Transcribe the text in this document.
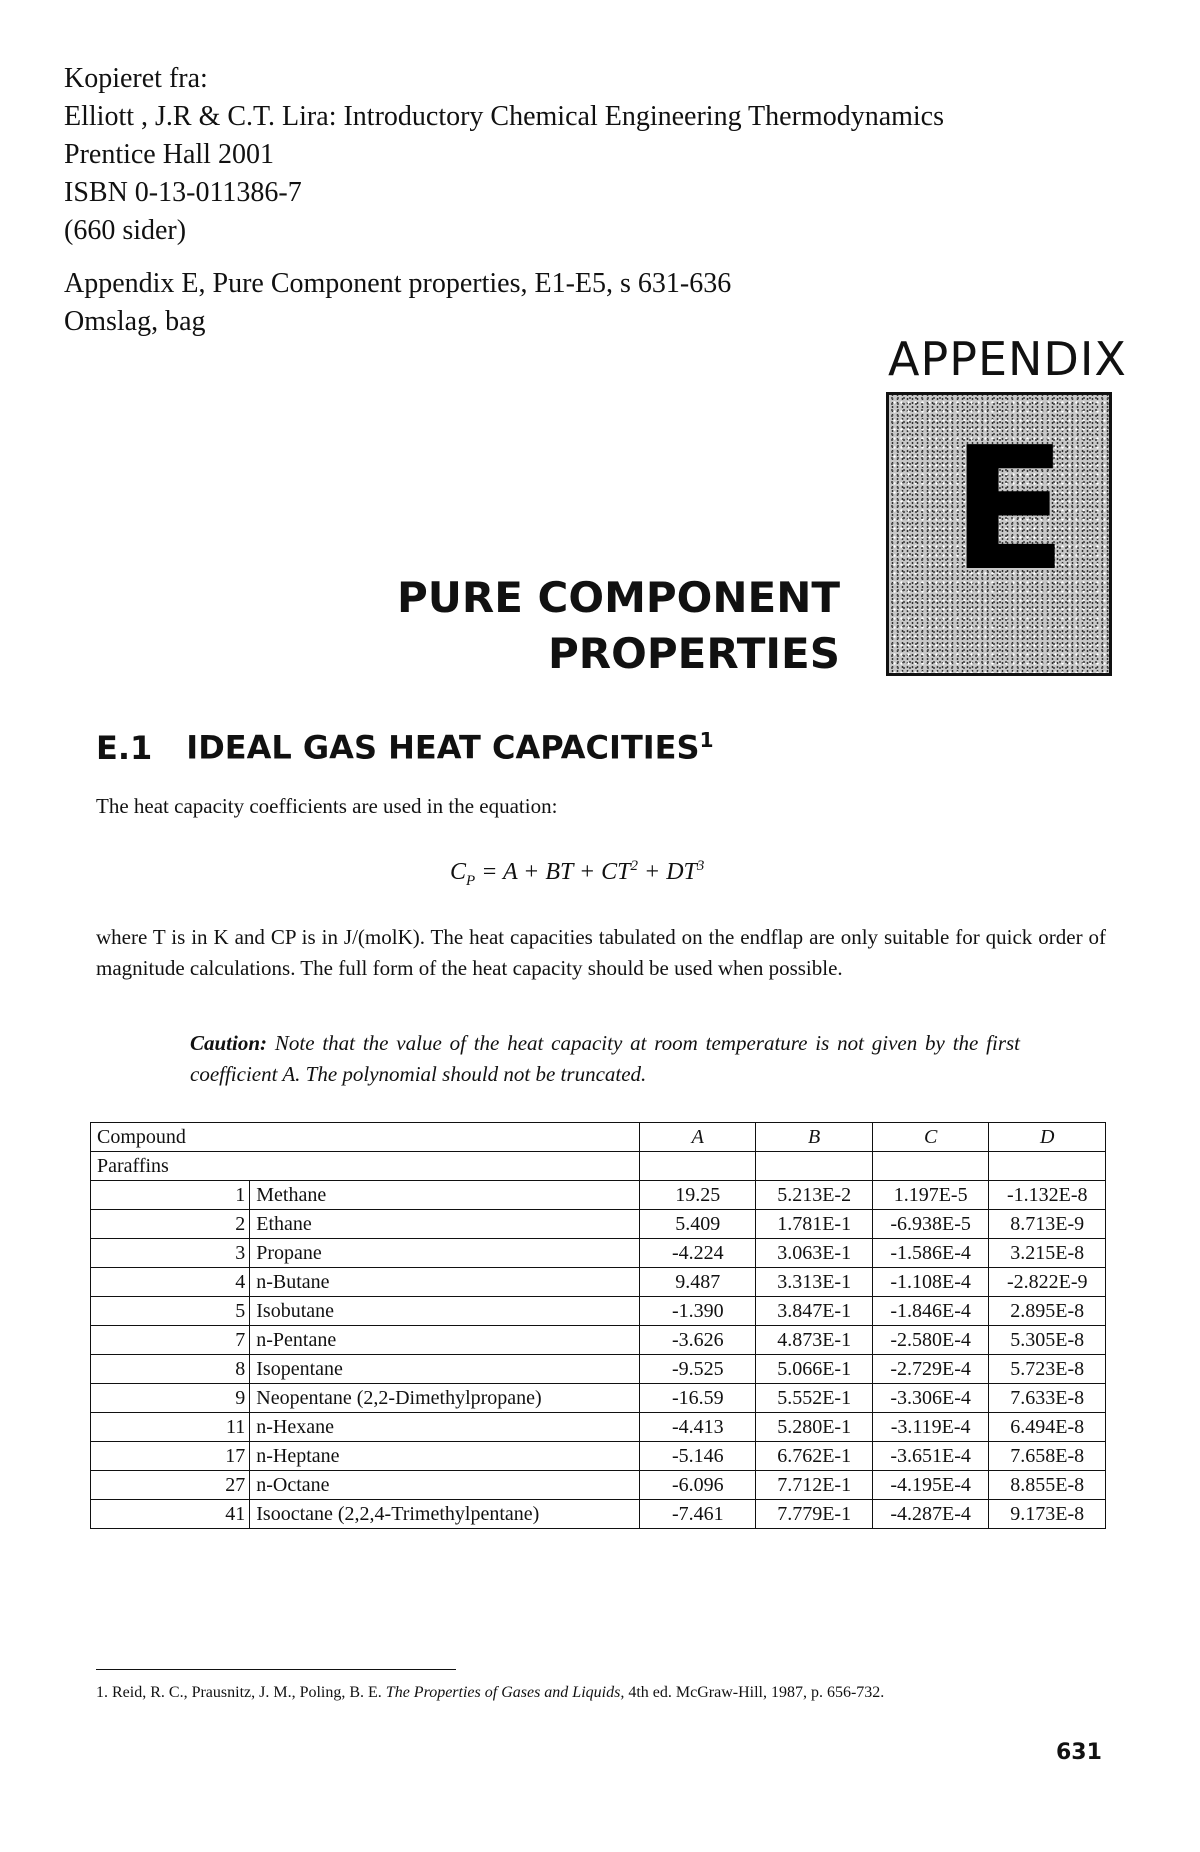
Kopieret fra:
Elliott , J.R & C.T. Lira: Introductory Chemical Engineering Thermodynamics
Prentice Hall 2001
ISBN 0-13-011386-7
(660 sider)
Appendix E, Pure Component properties, E1-E5, s 631-636
Omslag, bag
APPENDIX
E
PURE COMPONENT
PROPERTIES
E.1 IDEAL GAS HEAT CAPACITIES$^1$
The heat capacity coefficients are used in the equation:
$C_P = A$ + BT + $CT^2 + DT^3$
where T is in K and CP is in J/(molK). The heat capacities tabulated on the endflap are only suitable for quick order of magnitude calculations. The full form of the heat capacity should be used when possible.
Caution: Note that the value of the heat capacity at room temperature is not given by the first coefficient A. The polynomial should not be truncated.
Compound		A	B	C	D
Paraffins					
1	Methane	19.25	5.213E-2	1.197E-5	-1.132E-8
2	Ethane	5.409	1.781E-1	-6.938E-5	8.713E-9
3	Propane	-4.224	3.063E-1	-1.586E-4	3.215E-8
4	n-Butane	9.487	3.313E-1	-1.108E-4	-2.822E-9
5	Isobutane	-1.390	3.847E-1	-1.846E-4	2.895E-8
7	n-Pentane	-3.626	4.873E-1	-2.580E-4	5.305E-8
8	Isopentane	-9.525	5.066E-1	-2.729E-4	5.723E-8
9	Neopentane (2,2-Dimethylpropane)	-16.59	5.552E-1	-3.306E-4	7.633E-8
11	n-Hexane	-4.413	5.280E-1	-3.119E-4	6.494E-8
17	n-Heptane	-5.146	6.762E-1	-3.651E-4	7.658E-8
27	n-Octane	-6.096	7.712E-1	-4.195E-4	8.855E-8
41	Isooctane (2,2,4-Trimethylpentane)	-7.461	7.779E-1	-4.287E-4	9.173E-8
1. Reid, R. C., Prausnitz, J. M., Poling, B. E. The Properties of Gases and Liquids, 4th ed. McGraw-Hill, 1987, p. 656-732.
631
